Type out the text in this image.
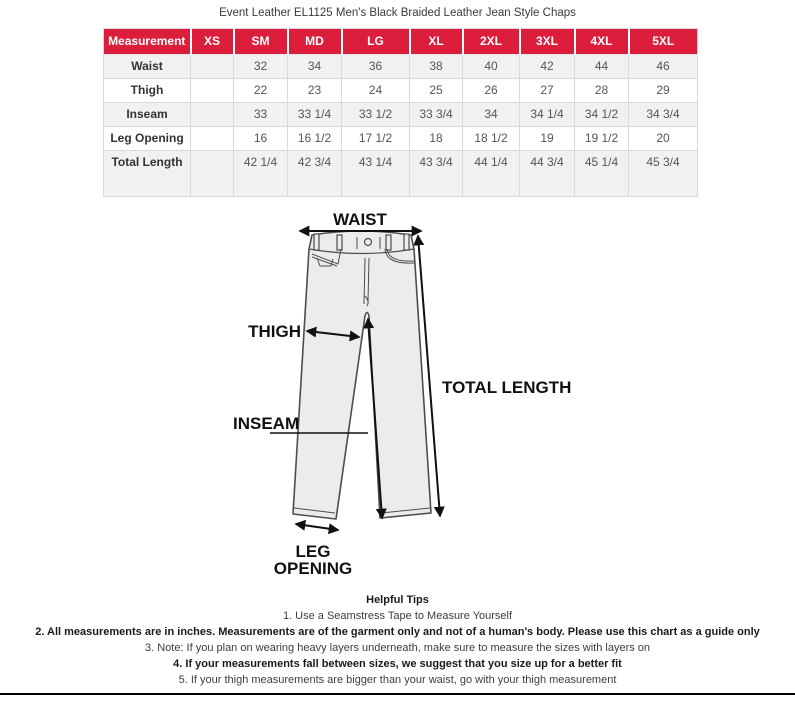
Event Leather EL1125 Men's Black Braided Leather Jean Style Chaps
Measurement	XS	SM	MD	LG	XL	2XL	3XL	4XL	5XL
Waist		32	34	36	38	40	42	44	46
Thigh		22	23	24	25	26	27	28	29
Inseam		33	33 1/4	33 1/2	33 3/4	34	34 1/4	34 1/2	34 3/4
Leg Opening		16	16 1/2	17 1/2	18	18 1/2	19	19 1/2	20
Total Length		42 1/4	42 3/4	43 1/4	43 3/4	44 1/4	44 3/4	45 1/4	45 3/4
WAIST
THIGH
TOTAL LENGTH
INSEAM
LEG
OPENING
Helpful Tips
1. Use a Seamstress Tape to Measure Yourself
2. All measurements are in inches. Measurements are of the garment only and not of a human's body. Please use this chart as a guide only
3. Note: If you plan on wearing heavy layers underneath, make sure to measure the sizes with layers on
4. If your measurements fall between sizes, we suggest that you size up for a better fit
5. If your thigh measurements are bigger than your waist, go with your thigh measurement
